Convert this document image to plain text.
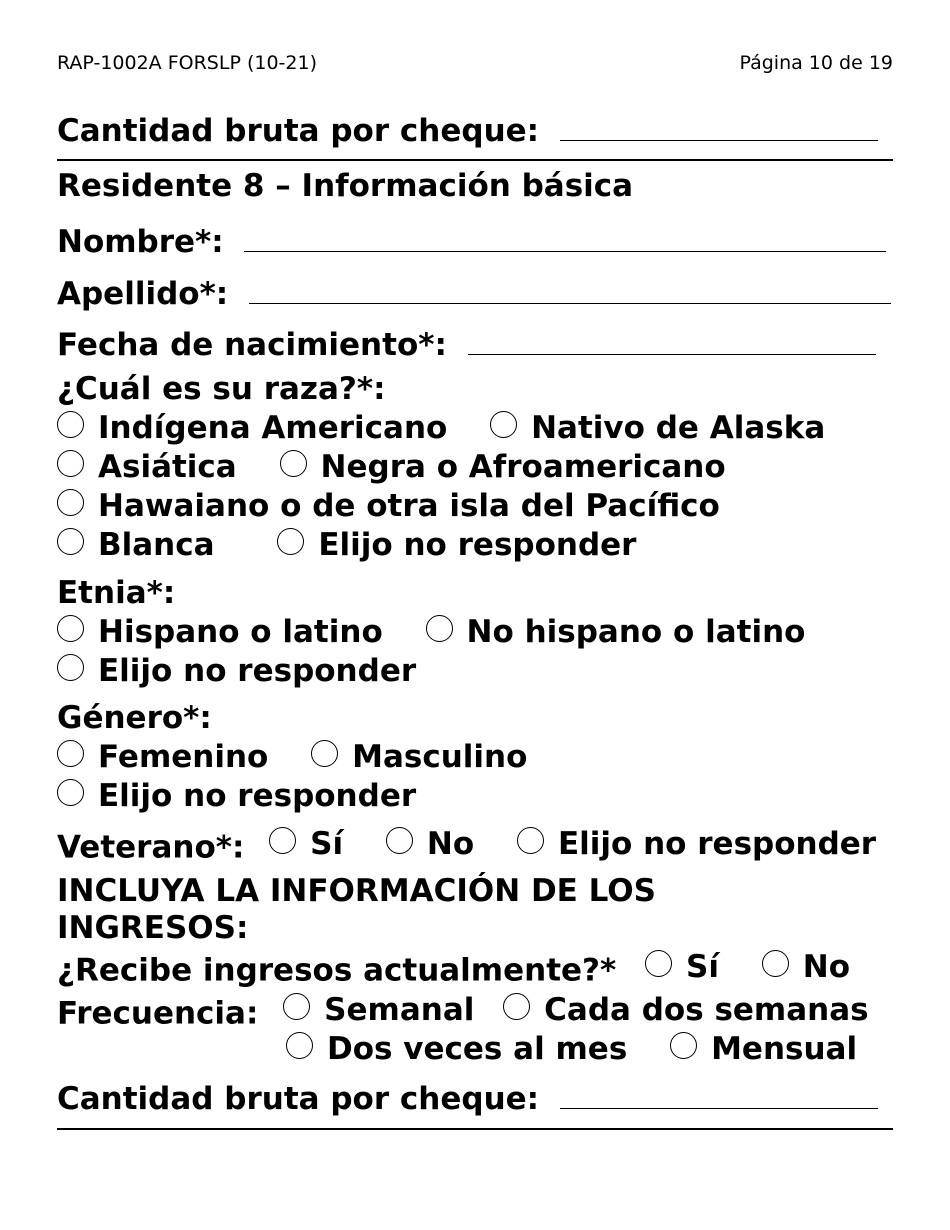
RAP-1002A FORSLP (10-21)	Página 10 de 19
Cantidad bruta por cheque:
Residente 8 – Información básica
Nombre*:
Apellido*:
Fecha de nacimiento*:
¿Cuál es su raza?*:
Indígena Americano
	Nativo de Alaska
Asiática
	Negra o Afroamericano
Hawaiano o de otra isla del Pacífico
Blanca
	Elijo no responder
Etnia*:
Hispano o latino
	No hispano o latino
Elijo no responder
Género*:
Femenino
	Masculino
Elijo no responder
Veterano*: Sí
	No
	Elijo no responder
INCLUYA LA INFORMACIÓN DE LOS
INGRESOS:
¿Recibe ingresos actualmente?* Sí
	No
Frecuencia: Semanal
Cada dos semanas
Dos veces al mes
	Mensual
Cantidad bruta por cheque:
